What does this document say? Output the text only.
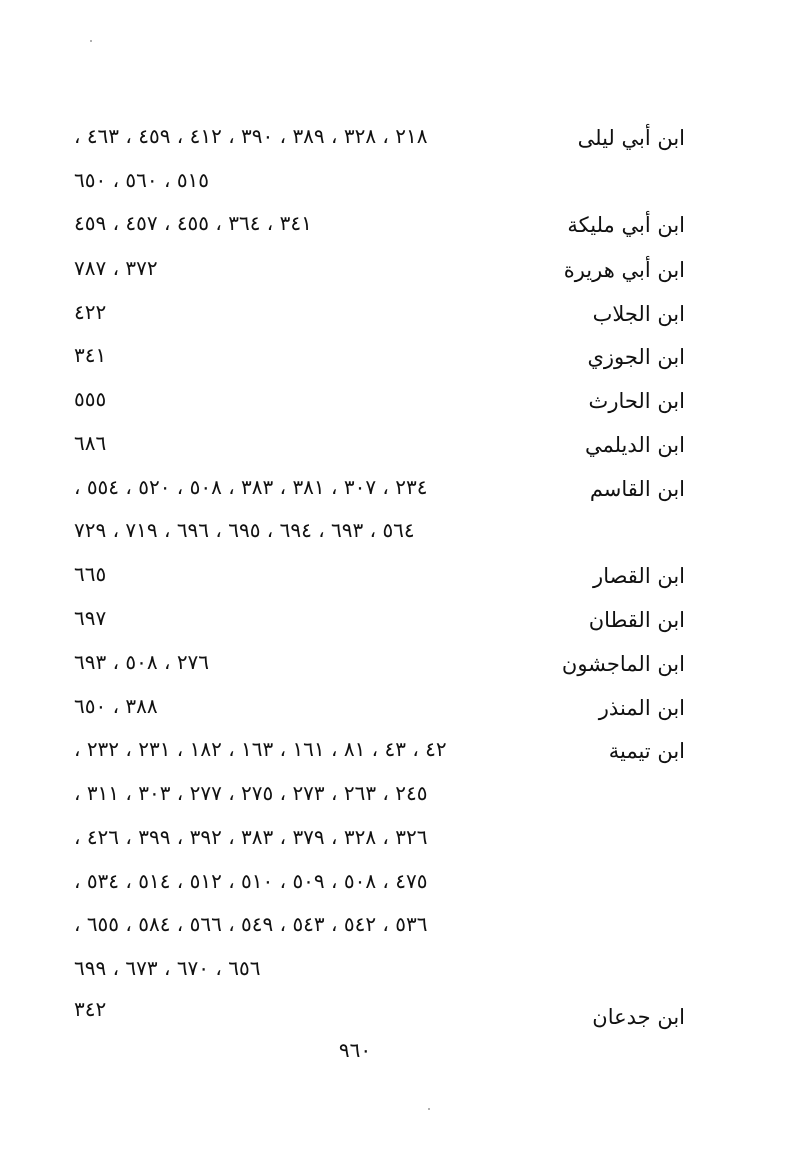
ابن أبي ليلى
٢١٨ ، ٣٢٨ ، ٣٨٩ ، ٣٩٠ ، ٤١٢ ، ٤٥٩ ، ٤٦٣ ،
٥١٥ ، ٥٦٠ ، ٦٥٠
ابن أبي مليكة
٣٤١ ، ٣٦٤ ، ٤٥٥ ، ٤٥٧ ، ٤٥٩
ابن أبي هريرة
٣٧٢ ، ٧٨٧
ابن الجلاب
٤٢٢
ابن الجوزي
٣٤١
ابن الحارث
٥٥٥
ابن الديلمي
٦٨٦
ابن القاسم
٢٣٤ ، ٣٠٧ ، ٣٨١ ، ٣٨٣ ، ٥٠٨ ، ٥٢٠ ، ٥٥٤ ،
٥٦٤ ، ٦٩٣ ، ٦٩٤ ، ٦٩٥ ، ٦٩٦ ، ٧١٩ ، ٧٢٩
ابن القصار
٦٦٥
ابن القطان
٦٩٧
ابن الماجشون
٢٧٦ ، ٥٠٨ ، ٦٩٣
ابن المنذر
٣٨٨ ، ٦٥٠
ابن تيمية
٤٢ ، ٤٣ ، ٨١ ، ١٦١ ، ١٦٣ ، ١٨٢ ، ٢٣١ ، ٢٣٢ ،
٢٤٥ ، ٢٦٣ ، ٢٧٣ ، ٢٧٥ ، ٢٧٧ ، ٣٠٣ ، ٣١١ ،
٣٢٦ ، ٣٢٨ ، ٣٧٩ ، ٣٨٣ ، ٣٩٢ ، ٣٩٩ ، ٤٢٦ ،
٤٧٥ ، ٥٠٨ ، ٥٠٩ ، ٥١٠ ، ٥١٢ ، ٥١٤ ، ٥٣٤ ،
٥٣٦ ، ٥٤٢ ، ٥٤٣ ، ٥٤٩ ، ٥٦٦ ، ٥٨٤ ، ٦٥٥ ،
٦٥٦ ، ٦٧٠ ، ٦٧٣ ، ٦٩٩
ابن جدعان
٣٤٢
٩٦٠
